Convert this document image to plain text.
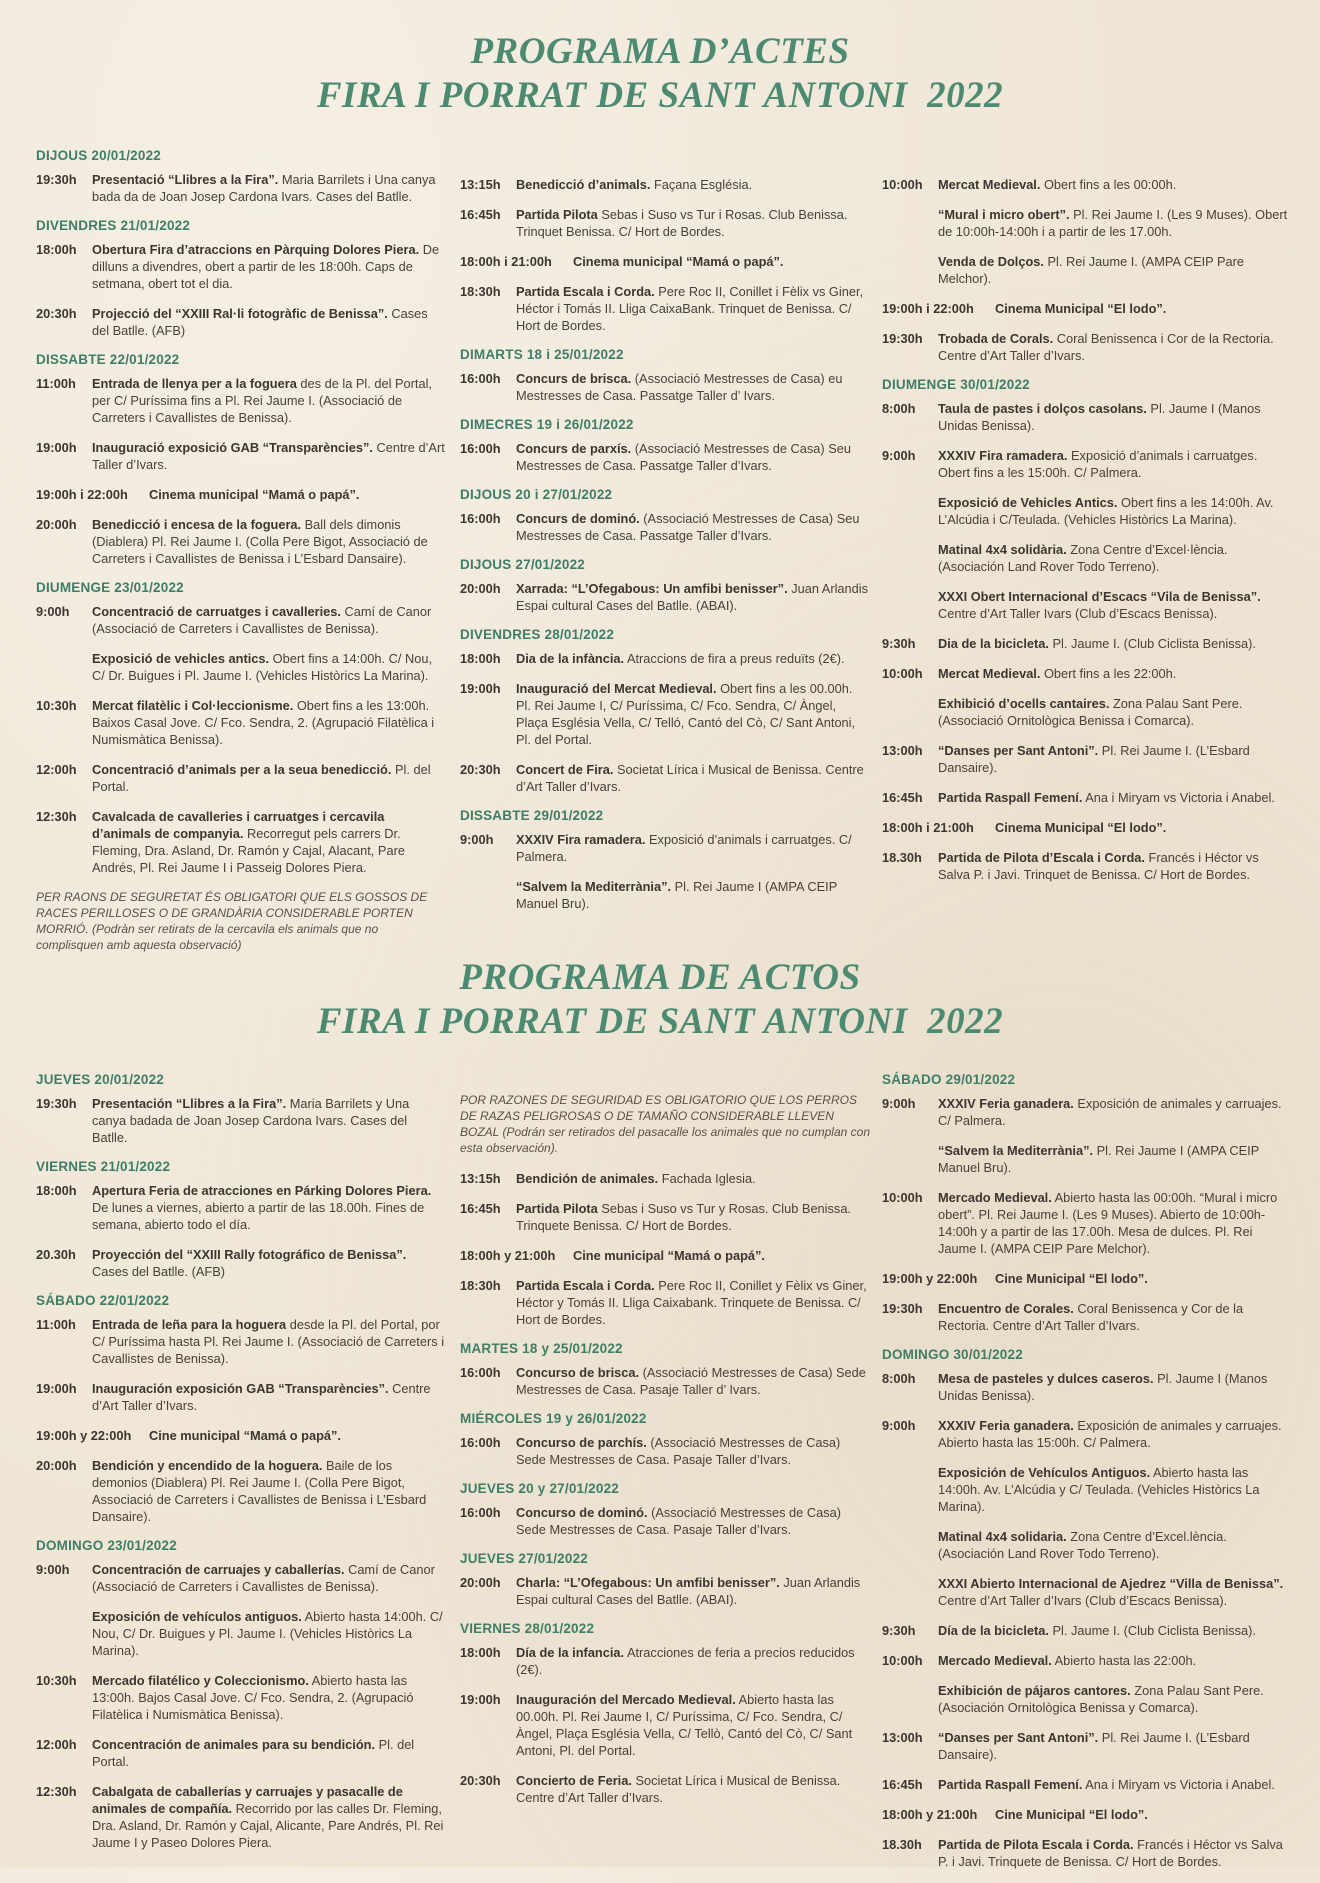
PROGRAMA D’ACTES
FIRA I PORRAT DE SANT ANTONI  2022
DIJOUS 20/01/2022
19:30h	Presentació “Llibres a la Fira”. Maria Barrilets i Una canya bada da de Joan Josep Cardona Ivars. Cases del Batlle.
DIVENDRES 21/01/2022
18:00h	Obertura Fira d’atraccions en Pàrquing Dolores Piera. De dilluns a divendres, obert a partir de les 18:00h. Caps de setmana, obert tot el dia.
20:30h	Projecció del “XXIII Ral·li fotogràfic de Benissa”. Cases del Batlle. (AFB)
DISSABTE 22/01/2022
11:00h	Entrada de llenya per a la foguera des de la Pl. del Portal, per C/ Puríssima fins a Pl. Rei Jaume I. (Associació de Carreters i Cavallistes de Benissa).
19:00h	Inauguració exposició GAB “Transparències”. Centre d’Art Taller d’Ivars.
19:00h i 22:00h	Cinema municipal “Mamá o papá”.
20:00h	Benedicció i encesa de la foguera. Ball dels dimonis (Diablera) Pl. Rei Jaume I. (Colla Pere Bigot, Associació de Carreters i Cavallistes de Benissa i L’Esbard Dansaire).
DIUMENGE 23/01/2022
9:00h	Concentració de carruatges i cavalleries. Camí de Canor (Associació de Carreters i Cavallistes de Benissa).
Exposició de vehicles antics. Obert fins a 14:00h. C/ Nou, C/ Dr. Buigues i Pl. Jaume I. (Vehicles Històrics La Marina).
10:30h	Mercat filatèlic i Col·leccionisme. Obert fins a les 13:00h. Baixos Casal Jove. C/ Fco. Sendra, 2. (Agrupació Filatèlica i Numismàtica Benissa).
12:00h	Concentració d’animals per a la seua benedicció. Pl. del Portal.
12:30h	Cavalcada de cavalleries i carruatges i cercavila d’animals de companyia. Recorregut pels carrers Dr. Fleming, Dra. Asland, Dr. Ramón y Cajal, Alacant, Pare Andrés, Pl. Rei Jaume I i Passeig Dolores Piera.
PER RAONS DE SEGURETAT ÉS OBLIGATORI QUE ELS GOSSOS DE RACES PERILLOSES O DE GRANDÀRIA CONSIDERABLE PORTEN MORRIÓ. (Podràn ser retirats de la cercavila els animals que no complisquen amb aquesta observació)
13:15h	Benedicció d’animals. Façana Església.
16:45h	Partida Pilota Sebas i Suso vs Tur i Rosas. Club Benissa. Trinquet Benissa. C/ Hort de Bordes.
18:00h i 21:00h	Cinema municipal “Mamá o papá”.
18:30h	Partida Escala i Corda. Pere Roc II, Conillet i Fèlix vs Giner, Héctor i Tomás II. Lliga CaixaBank. Trinquet de Benissa. C/ Hort de Bordes.
DIMARTS 18 i 25/01/2022
16:00h	Concurs de brisca. (Associació Mestresses de Casa) eu Mestresses de Casa. Passatge Taller d’ Ivars.
DIMECRES 19 i 26/01/2022
16:00h	Concurs de parxís. (Associació Mestresses de Casa) Seu Mestresses de Casa. Passatge Taller d’Ivars.
DIJOUS 20 i 27/01/2022
16:00h	Concurs de dominó. (Associació Mestresses de Casa) Seu Mestresses de Casa. Passatge Taller d’Ivars.
DIJOUS 27/01/2022
20:00h	Xarrada: “L’Ofegabous: Un amfibi benisser”. Juan Arlandis Espai cultural Cases del Batlle. (ABAI).
DIVENDRES 28/01/2022
18:00h	Dia de la infància. Atraccions de fira a preus reduïts (2€).
19:00h	Inauguració del Mercat Medieval. Obert fins a les 00.00h. Pl. Rei Jaume I, C/ Puríssima, C/ Fco. Sendra, C/ Àngel, Plaça Església Vella, C/ Telló, Cantó del Cò, C/ Sant Antoni, Pl. del Portal.
20:30h	Concert de Fira. Societat Lírica i Musical de Benissa. Centre d’Art Taller d’Ivars.
DISSABTE 29/01/2022
9:00h	XXXIV Fira ramadera. Exposició d’animals i carruatges. C/ Palmera.
“Salvem la Mediterrània”. Pl. Rei Jaume I (AMPA CEIP Manuel Bru).
10:00h	Mercat Medieval. Obert fins a les 00:00h.
“Mural i micro obert”. Pl. Rei Jaume I. (Les 9 Muses). Obert de 10:00h-14:00h i a partir de les 17.00h.
Venda de Dolços. Pl. Rei Jaume I. (AMPA CEIP Pare Melchor).
19:00h i 22:00h	Cinema Municipal “El lodo”.
19:30h	Trobada de Corals. Coral Benissenca i Cor de la Rectoria. Centre d’Art Taller d’Ivars.
DIUMENGE 30/01/2022
8:00h	Taula de pastes i dolços casolans. Pl. Jaume I (Manos Unidas Benissa).
9:00h	XXXIV Fira ramadera. Exposició d’animals i carruatges. Obert fins a les 15:00h. C/ Palmera.
Exposició de Vehicles Antics. Obert fins a les 14:00h. Av. L’Alcúdia i C/Teulada. (Vehicles Històrics La Marina).
Matinal 4x4 solidària. Zona Centre d’Excel·lència. (Asociación Land Rover Todo Terreno).
XXXI Obert Internacional d’Escacs “Vila de Benissa”. Centre d’Art Taller Ivars (Club d’Escacs Benissa).
9:30h	Dia de la bicicleta. Pl. Jaume I. (Club Ciclista Benissa).
10:00h	Mercat Medieval. Obert fins a les 22:00h.
Exhibició d’ocells cantaires. Zona Palau Sant Pere. (Associació Ornitològica Benissa i Comarca).
13:00h	“Danses per Sant Antoni”. Pl. Rei Jaume I. (L’Esbard Dansaire).
16:45h	Partida Raspall Femení. Ana i Miryam vs Victoria i Anabel.
18:00h i 21:00h	Cinema Municipal “El lodo”.
18.30h	Partida de Pilota d’Escala i Corda. Francés i Héctor vs Salva P. i Javi. Trinquet de Benissa. C/ Hort de Bordes.
PROGRAMA DE ACTOS
FIRA I PORRAT DE SANT ANTONI  2022
JUEVES 20/01/2022
19:30h	Presentación “Llibres a la Fira”. Maria Barrilets y Una canya badada de Joan Josep Cardona Ivars. Cases del Batlle.
VIERNES 21/01/2022
18:00h	Apertura Feria de atracciones en Párking Dolores Piera. De lunes a viernes, abierto a partir de las 18.00h. Fines de semana, abierto todo el día.
20.30h	Proyección del “XXIII Rally fotográfico de Benissa”. Cases del Batlle. (AFB)
SÁBADO 22/01/2022
11:00h	Entrada de leña para la hoguera desde la Pl. del Portal, por C/ Puríssima hasta Pl. Rei Jaume I. (Associació de Carreters i Cavallistes de Benissa).
19:00h	Inauguración exposición GAB “Transparències”. Centre d’Art Taller d’Ivars.
19:00h y 22:00h	Cine municipal “Mamá o papá”.
20:00h	Bendición y encendido de la hoguera. Baile de los demonios (Diablera) Pl. Rei Jaume I. (Colla Pere Bigot, Associació de Carreters i Cavallistes de Benissa i L’Esbard Dansaire).
DOMINGO 23/01/2022
9:00h	Concentración de carruajes y caballerías. Camí de Canor (Associació de Carreters i Cavallistes de Benissa).
Exposición de vehículos antiguos. Abierto hasta 14:00h. C/ Nou, C/ Dr. Buigues y Pl. Jaume I. (Vehicles Històrics La Marina).
10:30h	Mercado filatélico y Coleccionismo. Abierto hasta las 13:00h. Bajos Casal Jove. C/ Fco. Sendra, 2. (Agrupació Filatèlica i Numismàtica Benissa).
12:00h	Concentración de animales para su bendición. Pl. del Portal.
12:30h	Cabalgata de caballerías y carruajes y pasacalle de animales de compañía. Recorrido por las calles Dr. Fleming, Dra. Asland, Dr. Ramón y Cajal, Alicante, Pare Andrés, Pl. Rei Jaume I y Paseo Dolores Piera.
POR RAZONES DE SEGURIDAD ES OBLIGATORIO QUE LOS PERROS DE RAZAS PELIGROSAS O DE TAMAÑO CONSIDERABLE LLEVEN BOZAL (Podrán ser retirados del pasacalle los animales que no cumplan con esta observación).
13:15h	Bendición de animales. Fachada Iglesia.
16:45h	Partida Pilota Sebas i Suso vs Tur y Rosas. Club Benissa. Trinquete Benissa. C/ Hort de Bordes.
18:00h y 21:00h	Cine municipal “Mamá o papá”.
18:30h	Partida Escala i Corda. Pere Roc II, Conillet y Fèlix vs Giner, Héctor y Tomás II. Lliga Caixabank. Trinquete de Benissa. C/ Hort de Bordes.
MARTES 18 y 25/01/2022
16:00h	Concurso de brisca. (Associació Mestresses de Casa) Sede Mestresses de Casa. Pasaje Taller d’ Ivars.
MIÉRCOLES 19 y 26/01/2022
16:00h	Concurso de parchís. (Associació Mestresses de Casa) Sede Mestresses de Casa. Pasaje Taller d’Ivars.
JUEVES 20 y 27/01/2022
16:00h	Concurso de dominó. (Associació Mestresses de Casa) Sede Mestresses de Casa. Pasaje Taller d’Ivars.
JUEVES 27/01/2022
20:00h	Charla: “L’Ofegabous: Un amfibi benisser”. Juan Arlandis Espai cultural Cases del Batlle. (ABAI).
VIERNES 28/01/2022
18:00h	Día de la infancia. Atracciones de feria a precios reducidos (2€).
19:00h	Inauguración del Mercado Medieval. Abierto hasta las 00.00h. Pl. Rei Jaume I, C/ Puríssima, C/ Fco. Sendra, C/ Àngel, Plaça Església Vella, C/ Tellò, Cantó del Cò, C/ Sant Antoni, Pl. del Portal.
20:30h	Concierto de Feria. Societat Lírica i Musical de Benissa. Centre d’Art Taller d’Ivars.
SÁBADO 29/01/2022
9:00h	XXXIV Feria ganadera. Exposición de animales y carruajes. C/ Palmera.
“Salvem la Mediterrània”. Pl. Rei Jaume I (AMPA CEIP Manuel Bru).
10:00h	Mercado Medieval. Abierto hasta las 00:00h. “Mural i micro obert”. Pl. Rei Jaume I. (Les 9 Muses). Abierto de 10:00h-14:00h y a partir de las 17.00h. Mesa de dulces. Pl. Rei Jaume I. (AMPA CEIP Pare Melchor).
19:00h y 22:00h	Cine Municipal “El lodo”.
19:30h	Encuentro de Corales. Coral Benissenca y Cor de la Rectoria. Centre d’Art Taller d’Ivars.
DOMINGO 30/01/2022
8:00h	Mesa de pasteles y dulces caseros. Pl. Jaume I (Manos Unidas Benissa).
9:00h	XXXIV Feria ganadera. Exposición de animales y carruajes. Abierto hasta las 15:00h. C/ Palmera.
Exposición de Vehículos Antiguos. Abierto hasta las 14:00h. Av. L’Alcúdia y C/ Teulada. (Vehicles Històrics La Marina).
Matinal 4x4 solidaria. Zona Centre d’Excel.lència. (Asociación Land Rover Todo Terreno).
XXXI Abierto Internacional de Ajedrez “Villa de Benissa”. Centre d’Art Taller d’Ivars (Club d’Escacs Benissa).
9:30h	Día de la bicicleta. Pl. Jaume I. (Club Ciclista Benissa).
10:00h	Mercado Medieval. Abierto hasta las 22:00h.
Exhibición de pájaros cantores. Zona Palau Sant Pere. (Asociación Ornitològica Benissa y Comarca).
13:00h	“Danses per Sant Antoni”. Pl. Rei Jaume I. (L’Esbard Dansaire).
16:45h	Partida Raspall Femení. Ana i Miryam vs Victoria i Anabel.
18:00h y 21:00h	Cine Municipal “El lodo”.
18.30h	Partida de Pilota Escala i Corda. Francés i Héctor vs Salva P. i Javi. Trinquete de Benissa. C/ Hort de Bordes.
